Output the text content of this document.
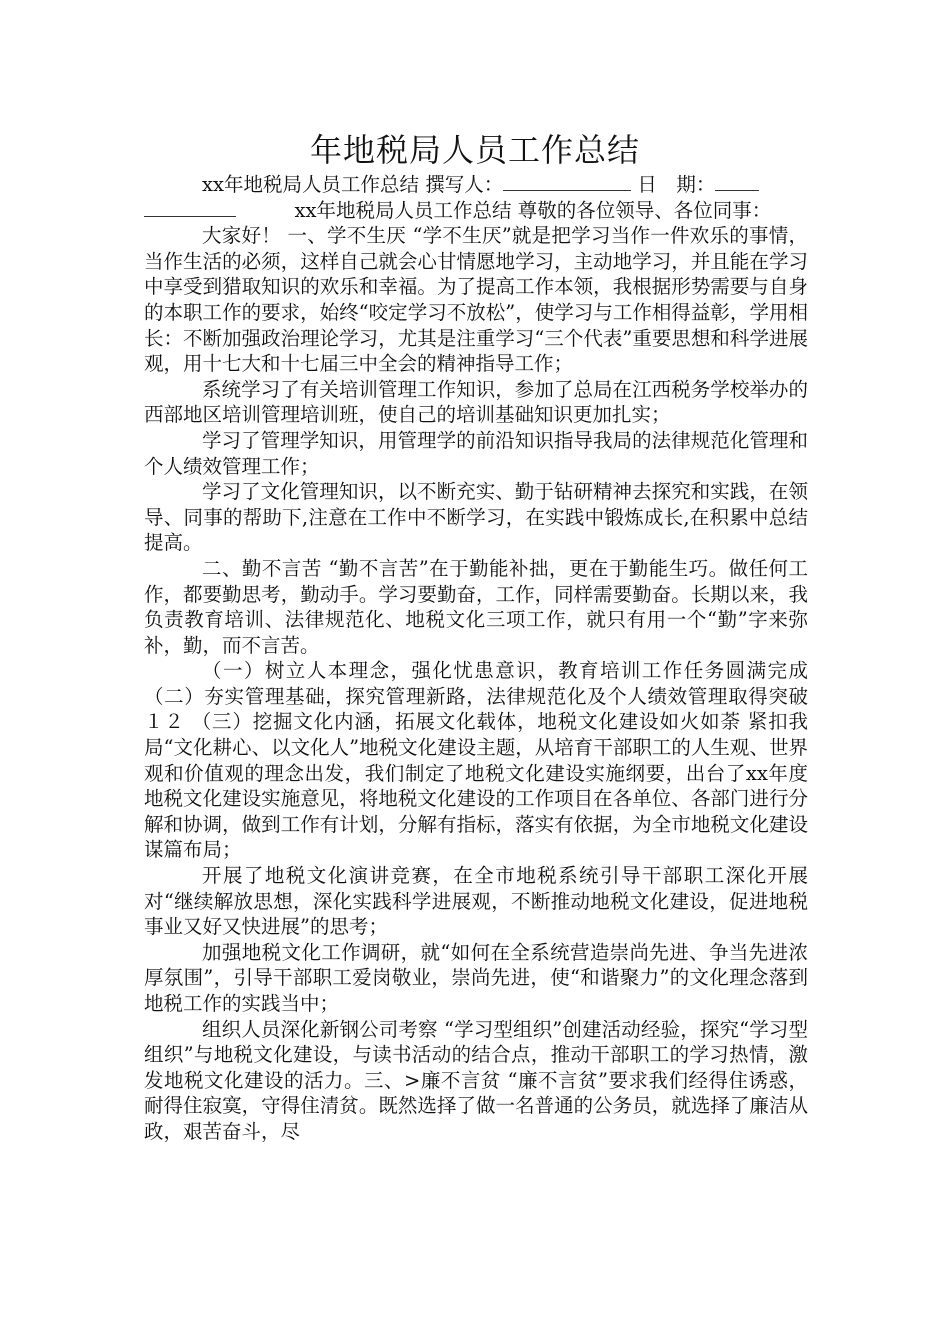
年地税局人员工作总结

xx年地税局人员工作总结 撰写人：	日　期：
　　　xx年地税局人员工作总结 尊敬的各位领导、各位同事：

大家好！ 一、学不生厌 “学不生厌”就是把学习当作一件欢乐的事情，当作生活的必须，这样自己就会心甘情愿地学习，主动地学习，并且能在学习中享受到猎取知识的欢乐和幸福。为了提高工作本领，我根据形势需要与自身的本职工作的要求，始终“咬定学习不放松”，使学习与工作相得益彰，学用相长：不断加强政治理论学习，尤其是注重学习“三个代表”重要思想和科学进展观，用十七大和十七届三中全会的精神指导工作；

系统学习了有关培训管理工作知识，参加了总局在江西税务学校举办的西部地区培训管理培训班，使自己的培训基础知识更加扎实；

学习了管理学知识，用管理学的前沿知识指导我局的法律规范化管理和个人绩效管理工作；

学习了文化管理知识，以不断充实、勤于钻研精神去探究和实践，在领导、同事的帮助下,注意在工作中不断学习，在实践中锻炼成长,在积累中总结提高。

二、勤不言苦 “勤不言苦”在于勤能补拙，更在于勤能生巧。做任何工作，都要勤思考，勤动手。学习要勤奋，工作，同样需要勤奋。长期以来，我负责教育培训、法律规范化、地税文化三项工作，就只有用一个“勤”字来弥补，勤，而不言苦。

（一）树立人本理念，强化忧患意识，教育培训工作任务圆满完成 （二）夯实管理基础，探究管理新路，法律规范化及个人绩效管理取得突破 １２ （三）挖掘文化内涵，拓展文化载体，地税文化建设如火如荼 紧扣我局“文化耕心、以文化人”地税文化建设主题，从培育干部职工的人生观、世界观和价值观的理念出发，我们制定了地税文化建设实施纲要，出台了xx年度地税文化建设实施意见，将地税文化建设的工作项目在各单位、各部门进行分解和协调，做到工作有计划，分解有指标，落实有依据，为全市地税文化建设谋篇布局；

开展了地税文化演讲竞赛，在全市地税系统引导干部职工深化开展对“继续解放思想，深化实践科学进展观，不断推动地税文化建设，促进地税事业又好又快进展”的思考；

加强地税文化工作调研，就“如何在全系统营造崇尚先进、争当先进浓厚氛围”，引导干部职工爱岗敬业，崇尚先进，使“和谐聚力”的文化理念落到地税工作的实践当中；

组织人员深化新钢公司考察 “学习型组织”创建活动经验，探究“学习型组织”与地税文化建设，与读书活动的结合点，推动干部职工的学习热情，激发地税文化建设的活力。三、>廉不言贫 “廉不言贫”要求我们经得住诱惑，耐得住寂寞，守得住清贫。既然选择了做一名普通的公务员，就选择了廉洁从政，艰苦奋斗，尽
